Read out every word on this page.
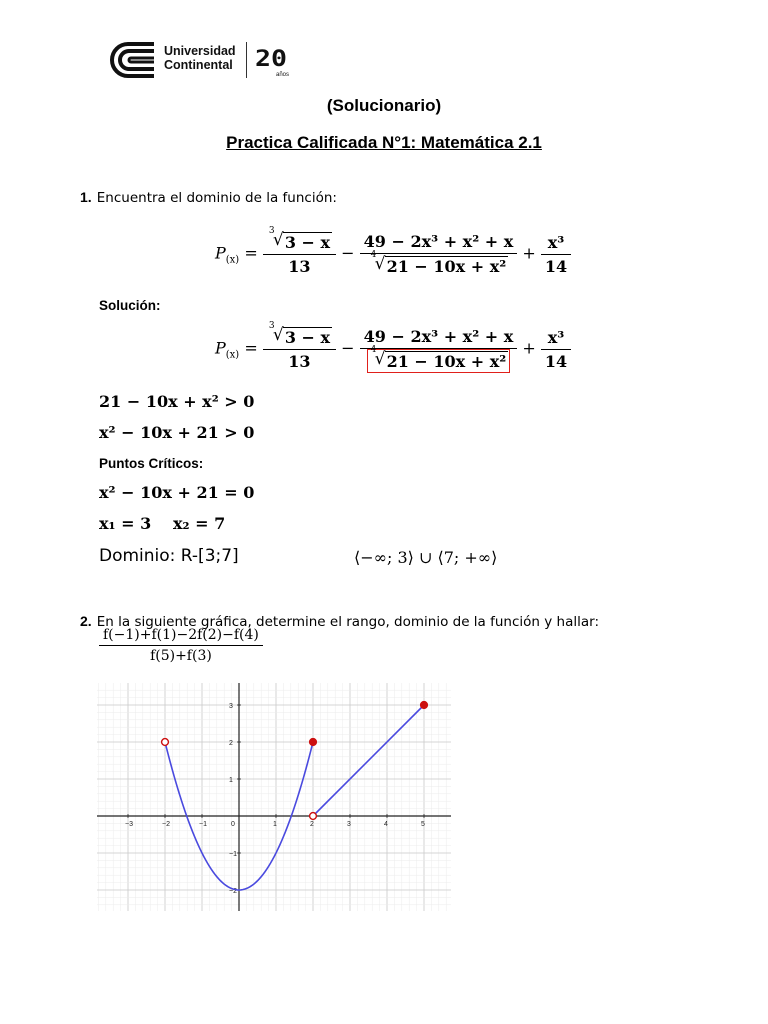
Universidad
Continental 20
años
(Solucionario)
Practica Calificada N°1: Matemática 2.1
1. Encuentra el dominio de la función:
$P_{(x)} = 3$
√ 3 − x
13 − 49 − 2x³ + x² + x
4
√ $21 - 10x + x^2 + \frac{\text{x³}}{14}$
Solución:
$P_{(x)} = 3$
√ 3 − x
13 − 49 − 2x³ + x² + x
4
√ $21 - 10x + x^2 + \frac{\text{x³}}{14}$
21 − 10x + x² > 0
x² − 10x + 21 > 0
Puntos Críticos:
x² − 10x + 21 = 0
x₁ = 3 x₂ = 7
Dominio: R-[3;7]	⟨−∞; 3⟩ ∪ ⟨7; +∞⟩
2. En la siguiente gráfica, determine el rango, dominio de la función y hallar:
$\frac{f(-1)+f(1)-2f(2)-f(4)}{f(5)+f(3)}$
−3	−2	−1	0	1	2	3	4	5
−2
−1
1
2
3
